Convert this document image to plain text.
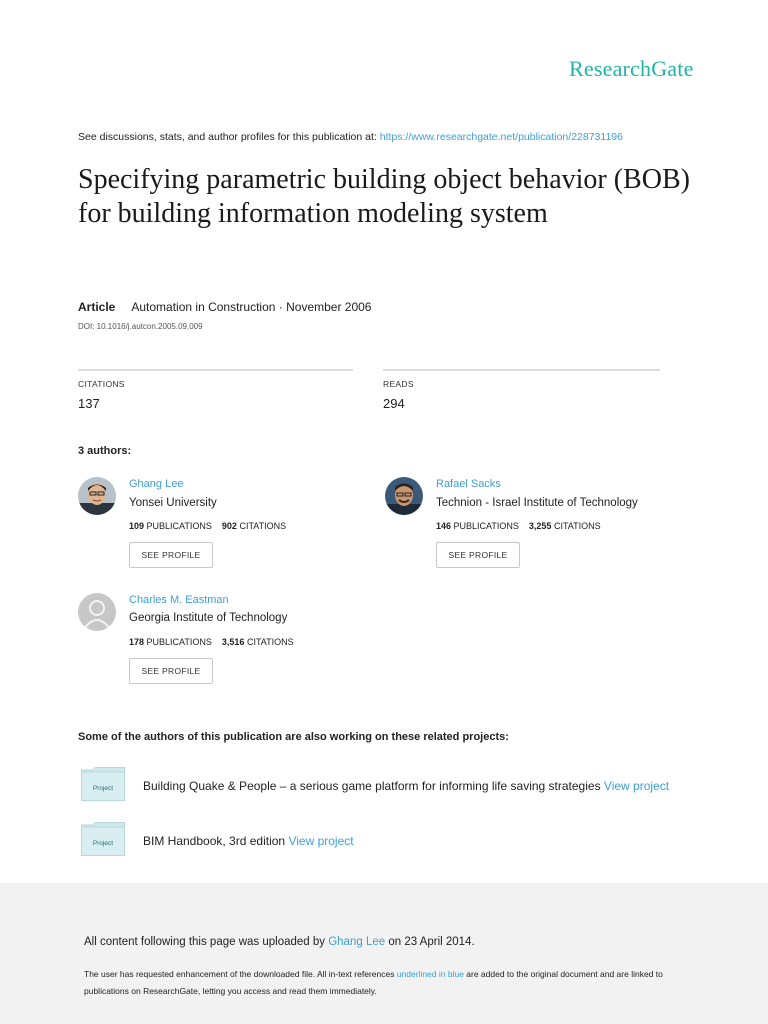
ResearchGate
See discussions, stats, and author profiles for this publication at: https://www.researchgate.net/publication/228731196
Specifying parametric building object behavior (BOB) for building information modeling system
Article Automation in Construction · November 2006
DOI: 10.1016/j.autcon.2005.09.009
CITATIONS
137
READS
294
3 authors:
Ghang Lee
Yonsei University
109 PUBLICATIONS 902 CITATIONS
SEE PROFILE
Rafael Sacks
Technion - Israel Institute of Technology
146 PUBLICATIONS 3,255 CITATIONS
SEE PROFILE
Charles M. Eastman
Georgia Institute of Technology
178 PUBLICATIONS 3,516 CITATIONS
SEE PROFILE
Some of the authors of this publication are also working on these related projects:
Project Building Quake & People – a serious game platform for informing life saving strategies View project
Project BIM Handbook, 3rd edition View project
All content following this page was uploaded by Ghang Lee on 23 April 2014.
The user has requested enhancement of the downloaded file. All in-text references underlined in blue are added to the original document and are linked to publications on ResearchGate, letting you access and read them immediately.
